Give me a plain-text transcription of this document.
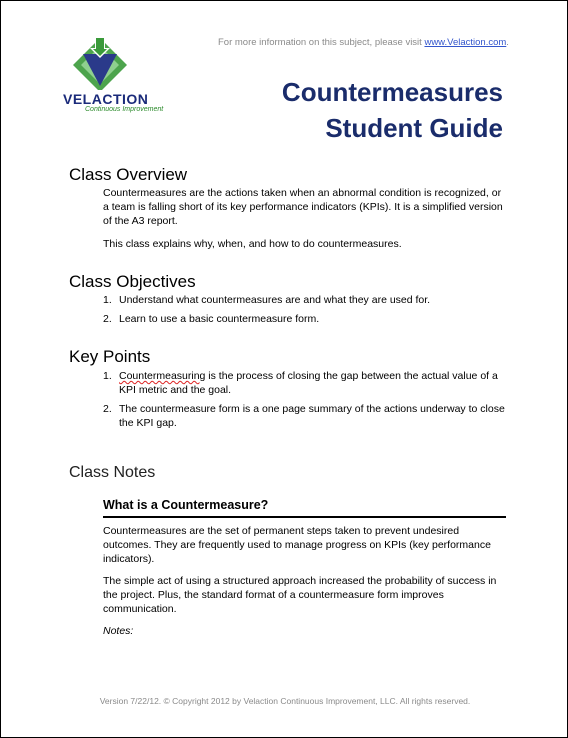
VELACTION
Continuous Improvement
For more information on this subject, please visit www.Velaction.com.
Countermeasures
Student Guide
Class Overview
Countermeasures are the actions taken when an abnormal condition is recognized, or a team is falling short of its key performance indicators (KPIs). It is a simplified version of the A3 report.
This class explains why, when, and how to do countermeasures.
Class Objectives
1. Understand what countermeasures are and what they are used for.
2. Learn to use a basic countermeasure form.
Key Points
1. Countermeasuring is the process of closing the gap between the actual value of a KPI metric and the goal.
2. The countermeasure form is a one page summary of the actions underway to close the KPI gap.
Class Notes
What is a Countermeasure?
Countermeasures are the set of permanent steps taken to prevent undesired outcomes. They are frequently used to manage progress on KPIs (key performance indicators).
The simple act of using a structured approach increased the probability of success in the project. Plus, the standard format of a countermeasure form improves communication.
Notes:
Version 7/22/12. © Copyright 2012 by Velaction Continuous Improvement, LLC. All rights reserved.
